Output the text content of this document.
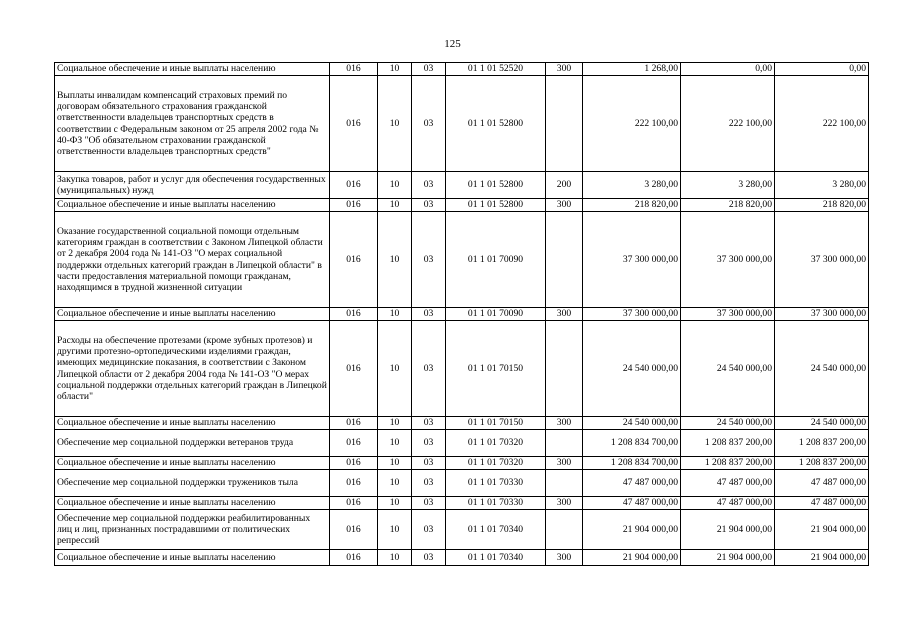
125
Социальное обеспечение и иные выплаты населению	016	10	03	01 1 01 52520	300	1 268,00	0,00	0,00
Выплаты инвалидам компенсаций страховых премий по договорам обязательного страхования гражданской ответственности владельцев транспортных средств в соответствии с Федеральным законом от 25 апреля 2002 года № 40-ФЗ "Об обязательном страховании гражданской ответственности владельцев транспортных средств"	016	10	03	01 1 01 52800		222 100,00	222 100,00	222 100,00
Закупка товаров, работ и услуг для обеспечения государственных (муниципальных) нужд	016	10	03	01 1 01 52800	200	3 280,00	3 280,00	3 280,00
Социальное обеспечение и иные выплаты населению	016	10	03	01 1 01 52800	300	218 820,00	218 820,00	218 820,00
Оказание государственной социальной помощи отдельным категориям граждан в соответствии с Законом Липецкой области от 2 декабря 2004 года № 141-ОЗ "О мерах социальной поддержки отдельных категорий граждан в Липецкой области" в части предоставления материальной помощи гражданам, находящимся в трудной жизненной ситуации	016	10	03	01 1 01 70090		37 300 000,00	37 300 000,00	37 300 000,00
Социальное обеспечение и иные выплаты населению	016	10	03	01 1 01 70090	300	37 300 000,00	37 300 000,00	37 300 000,00
Расходы на обеспечение протезами (кроме зубных протезов) и другими протезно-ортопедическими изделиями граждан, имеющих медицинские показания, в соответствии с Законом Липецкой области от 2 декабря 2004 года № 141-ОЗ "О мерах социальной поддержки отдельных категорий граждан в Липецкой области"	016	10	03	01 1 01 70150		24 540 000,00	24 540 000,00	24 540 000,00
Социальное обеспечение и иные выплаты населению	016	10	03	01 1 01 70150	300	24 540 000,00	24 540 000,00	24 540 000,00
Обеспечение мер социальной поддержки ветеранов труда	016	10	03	01 1 01 70320		1 208 834 700,00	1 208 837 200,00	1 208 837 200,00
Социальное обеспечение и иные выплаты населению	016	10	03	01 1 01 70320	300	1 208 834 700,00	1 208 837 200,00	1 208 837 200,00
Обеспечение мер социальной поддержки тружеников тыла	016	10	03	01 1 01 70330		47 487 000,00	47 487 000,00	47 487 000,00
Социальное обеспечение и иные выплаты населению	016	10	03	01 1 01 70330	300	47 487 000,00	47 487 000,00	47 487 000,00
Обеспечение мер социальной поддержки реабилитированных лиц и лиц, признанных пострадавшими от политических репрессий	016	10	03	01 1 01 70340		21 904 000,00	21 904 000,00	21 904 000,00
Социальное обеспечение и иные выплаты населению	016	10	03	01 1 01 70340	300	21 904 000,00	21 904 000,00	21 904 000,00
